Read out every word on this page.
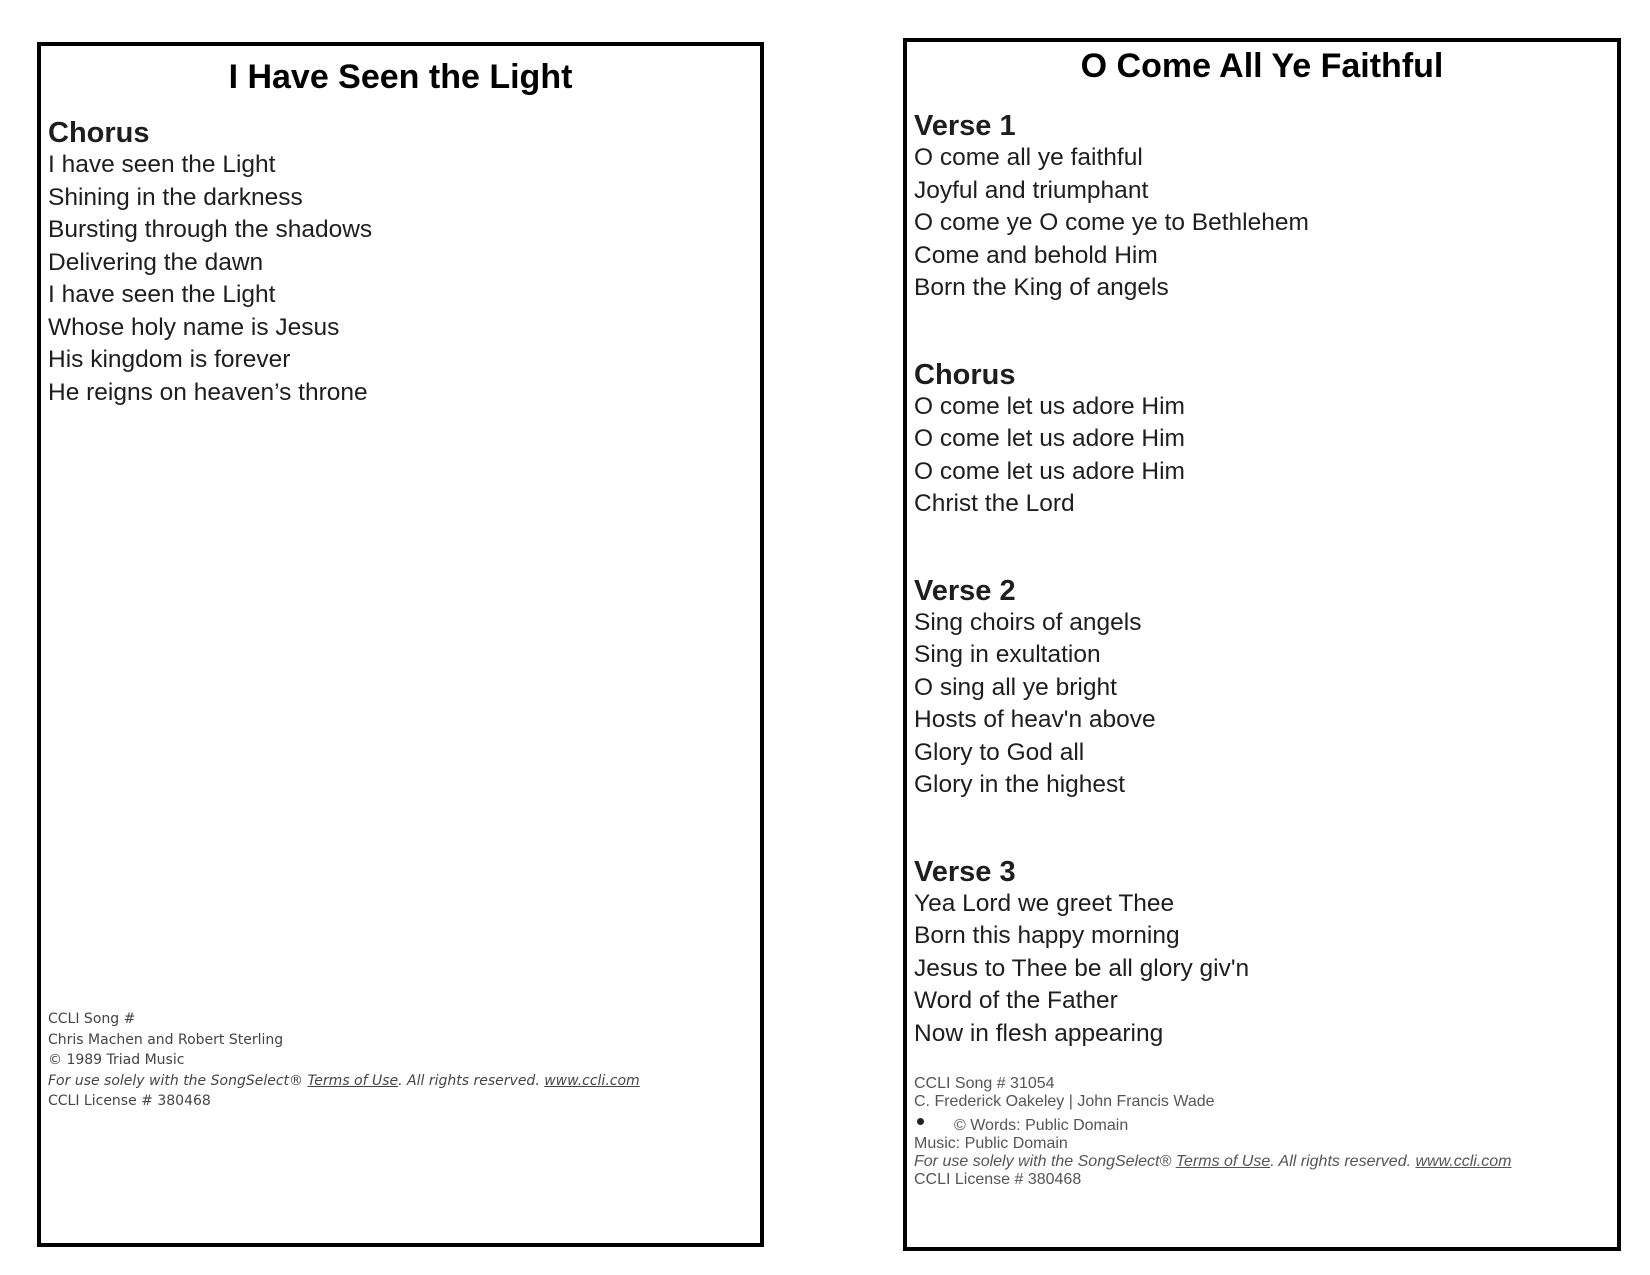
I Have Seen the Light

Chorus

I have seen the Light

Shining in the darkness

Bursting through the shadows

Delivering the dawn

I have seen the Light

Whose holy name is Jesus

His kingdom is forever

He reigns on heaven’s throne

CCLI Song #

Chris Machen and Robert Sterling

© 1989 Triad Music

For use solely with the SongSelect® Terms of Use. All rights reserved. www.ccli.com

CCLI License # 380468

O Come All Ye Faithful

Verse 1

O come all ye faithful

Joyful and triumphant

O come ye O come ye to Bethlehem

Come and behold Him

Born the King of angels

Chorus

O come let us adore Him

O come let us adore Him

O come let us adore Him

Christ the Lord

Verse 2

Sing choirs of angels

Sing in exultation

O sing all ye bright

Hosts of heav'n above

Glory to God all

Glory in the highest

Verse 3

Yea Lord we greet Thee

Born this happy morning

Jesus to Thee be all glory giv'n

Word of the Father

Now in flesh appearing

CCLI Song # 31054

C. Frederick Oakeley | John Francis Wade

© Words: Public Domain

Music: Public Domain

For use solely with the SongSelect® Terms of Use. All rights reserved. www.ccli.com

CCLI License # 380468
